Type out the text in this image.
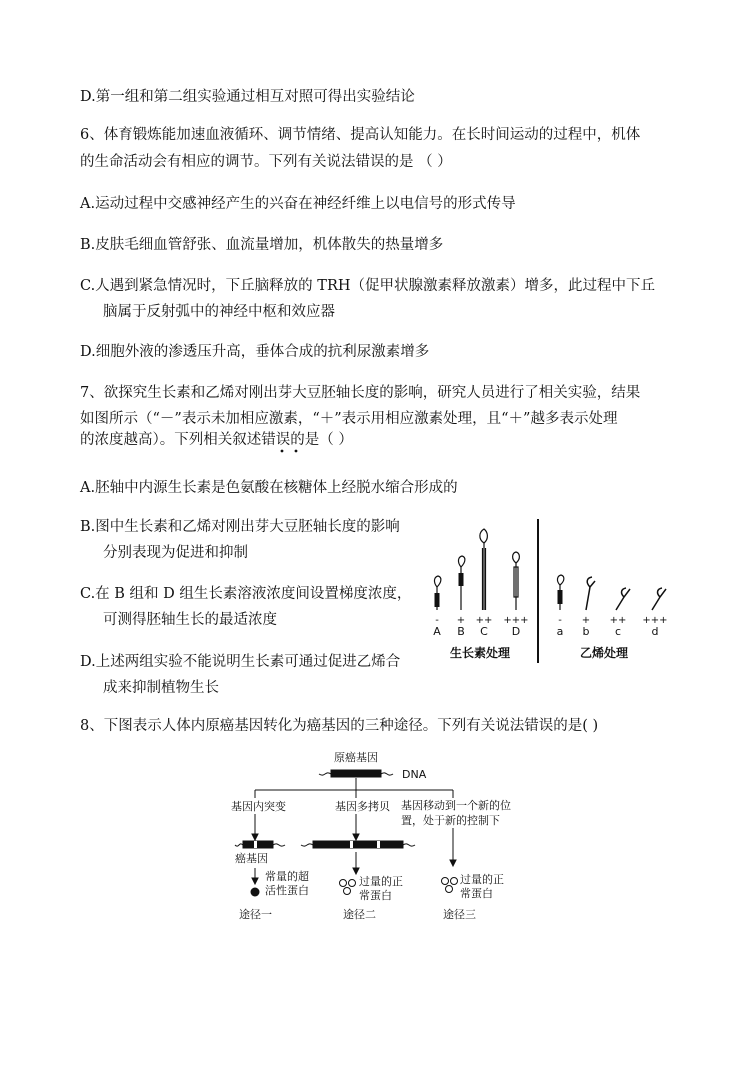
D.第一组和第二组实验通过相互对照可得出实验结论
6、体育锻炼能加速血液循环、调节情绪、提高认知能力。在长时间运动的过程中，机体
的生命活动会有相应的调节。下列有关说法错误的是 （ ）
A.运动过程中交感神经产生的兴奋在神经纤维上以电信号的形式传导
B.皮肤毛细血管舒张、血流量增加，机体散失的热量增多
C.人遇到紧急情况时，下丘脑释放的 TRH（促甲状腺激素释放激素）增多，此过程中下丘
脑属于反射弧中的神经中枢和效应器
D.细胞外液的渗透压升高，垂体合成的抗利尿激素增多
7、欲探究生长素和乙烯对刚出芽大豆胚轴长度的影响，研究人员进行了相关实验，结果
如图所示（“－”表示未加相应激素，“＋”表示用相应激素处理，且“＋”越多表示处理
的浓度越高）。下列相关叙述错误的是（ ）
A.胚轴中内源生长素是色氨酸在核糖体上经脱水缩合形成的
B.图中生长素和乙烯对刚出芽大豆胚轴长度的影响
分别表现为促进和抑制
C.在 B 组和 D 组生长素溶液浓度间设置梯度浓度，
可测得胚轴生长的最适浓度
D.上述两组实验不能说明生长素可通过促进乙烯合
成来抑制植物生长
8、下图表示人体内原癌基因转化为癌基因的三种途径。下列有关说法错误的是( )
- + ++ +++
A B C D
生长素处理
- + ++ +++
a b c	d
乙烯处理
原癌基因
DNA
基因内突变	基因多拷贝 基因移动到一个新的位
置，处于新的控制下
癌基因
常量的超
活性蛋白
过量的正
常蛋白
过量的正
常蛋白
途径一	途径二	途径三
